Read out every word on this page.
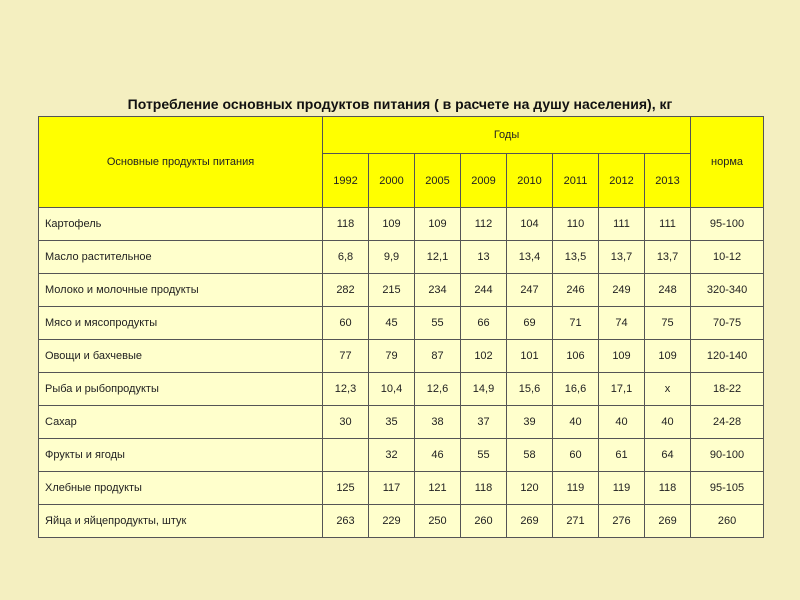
Потребление основных продуктов питания ( в расчете на душу населения), кг
Основные продукты питания	Годы								норма
	1992	2000	2005	2009	2010	2011	2012	2013	
Картофель	118	109	109	112	104	110	111	111	95-100
Масло растительное	6,8	9,9	12,1	13	13,4	13,5	13,7	13,7	10-12
Молоко и молочные продукты	282	215	234	244	247	246	249	248	320-340
Мясо и мясопродукты	60	45	55	66	69	71	74	75	70-75
Овощи и бахчевые	77	79	87	102	101	106	109	109	120-140
Рыба и рыбопродукты	12,3	10,4	12,6	14,9	15,6	16,6	17,1	x	18-22
Сахар	30	35	38	37	39	40	40	40	24-28
Фрукты и ягоды		32	46	55	58	60	61	64	90-100
Хлебные продукты	125	117	121	118	120	119	119	118	95-105
Яйца и яйцепродукты, штук	263	229	250	260	269	271	276	269	260
